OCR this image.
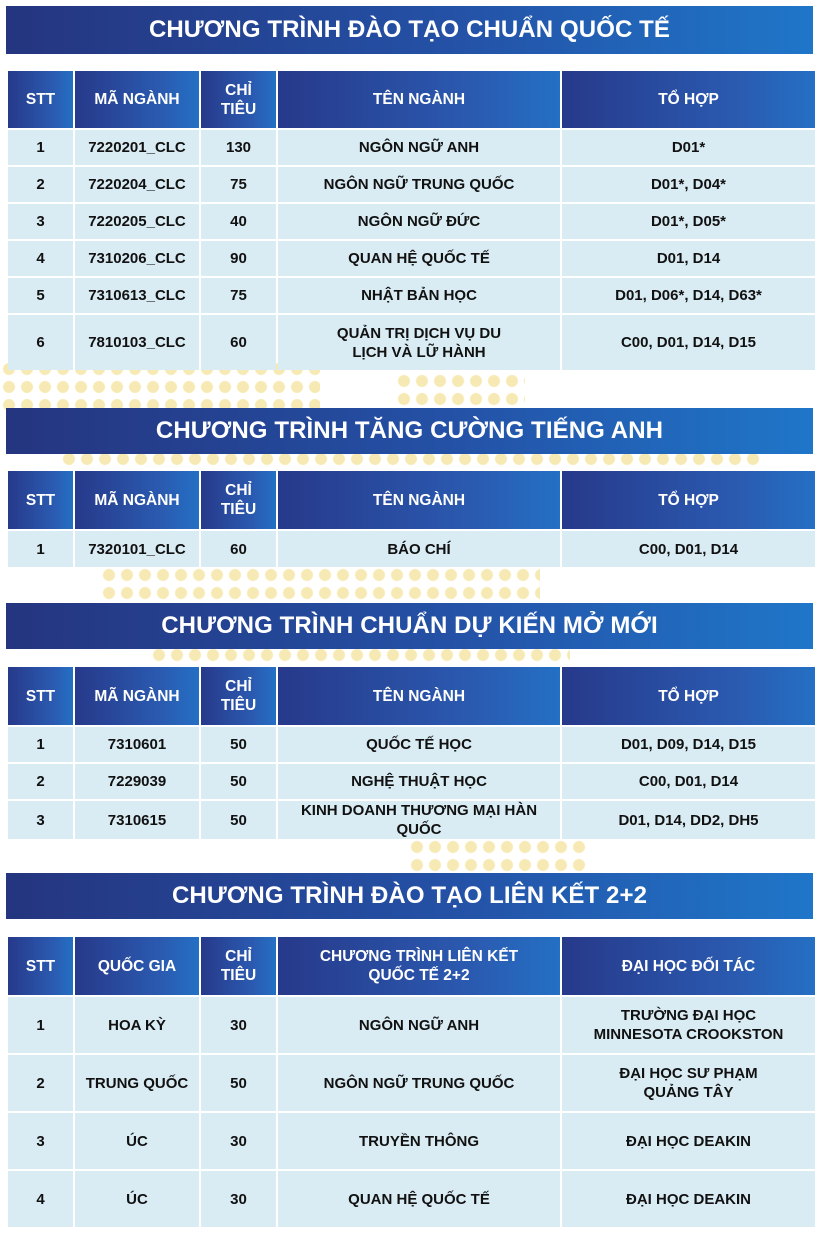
CHƯƠNG TRÌNH ĐÀO TẠO CHUẨN QUỐC TẾ
STT	MÃ NGÀNH	CHỈ TIÊU	TÊN NGÀNH	TỔ HỢP
1	7220201_CLC	130	NGÔN NGỮ ANH	D01*
2	7220204_CLC	75	NGÔN NGỮ TRUNG QUỐC	D01*, D04*
3	7220205_CLC	40	NGÔN NGỮ ĐỨC	D01*, D05*
4	7310206_CLC	90	QUAN HỆ QUỐC TẾ	D01, D14
5	7310613_CLC	75	NHẬT BẢN HỌC	D01, D06*, D14, D63*
6	7810103_CLC	60	QUẢN TRỊ DỊCH VỤ DU LỊCH VÀ LỮ HÀNH	C00, D01, D14, D15
CHƯƠNG TRÌNH TĂNG CƯỜNG TIẾNG ANH
STT	MÃ NGÀNH	CHỈ TIÊU	TÊN NGÀNH	TỔ HỢP
1	7320101_CLC	60	BÁO CHÍ	C00, D01, D14
CHƯƠNG TRÌNH CHUẨN DỰ KIẾN MỞ MỚI
STT	MÃ NGÀNH	CHỈ TIÊU	TÊN NGÀNH	TỔ HỢP
1	7310601	50	QUỐC TẾ HỌC	D01, D09, D14, D15
2	7229039	50	NGHỆ THUẬT HỌC	C00, D01, D14
3	7310615	50	KINH DOANH THƯƠNG MẠI HÀN QUỐC	D01, D14, DD2, DH5
CHƯƠNG TRÌNH ĐÀO TẠO LIÊN KẾT 2+2
STT	QUỐC GIA	CHỈ TIÊU	CHƯƠNG TRÌNH LIÊN KẾT QUỐC TẾ 2+2	ĐẠI HỌC ĐỐI TÁC
1	HOA KỲ	30	NGÔN NGỮ ANH	TRƯỜNG ĐẠI HỌC MINNESOTA CROOKSTON
2	TRUNG QUỐC	50	NGÔN NGỮ TRUNG QUỐC	ĐẠI HỌC SƯ PHẠM QUẢNG TÂY
3	ÚC	30	TRUYỀN THÔNG	ĐẠI HỌC DEAKIN
4	ÚC	30	QUAN HỆ QUỐC TẾ	ĐẠI HỌC DEAKIN
